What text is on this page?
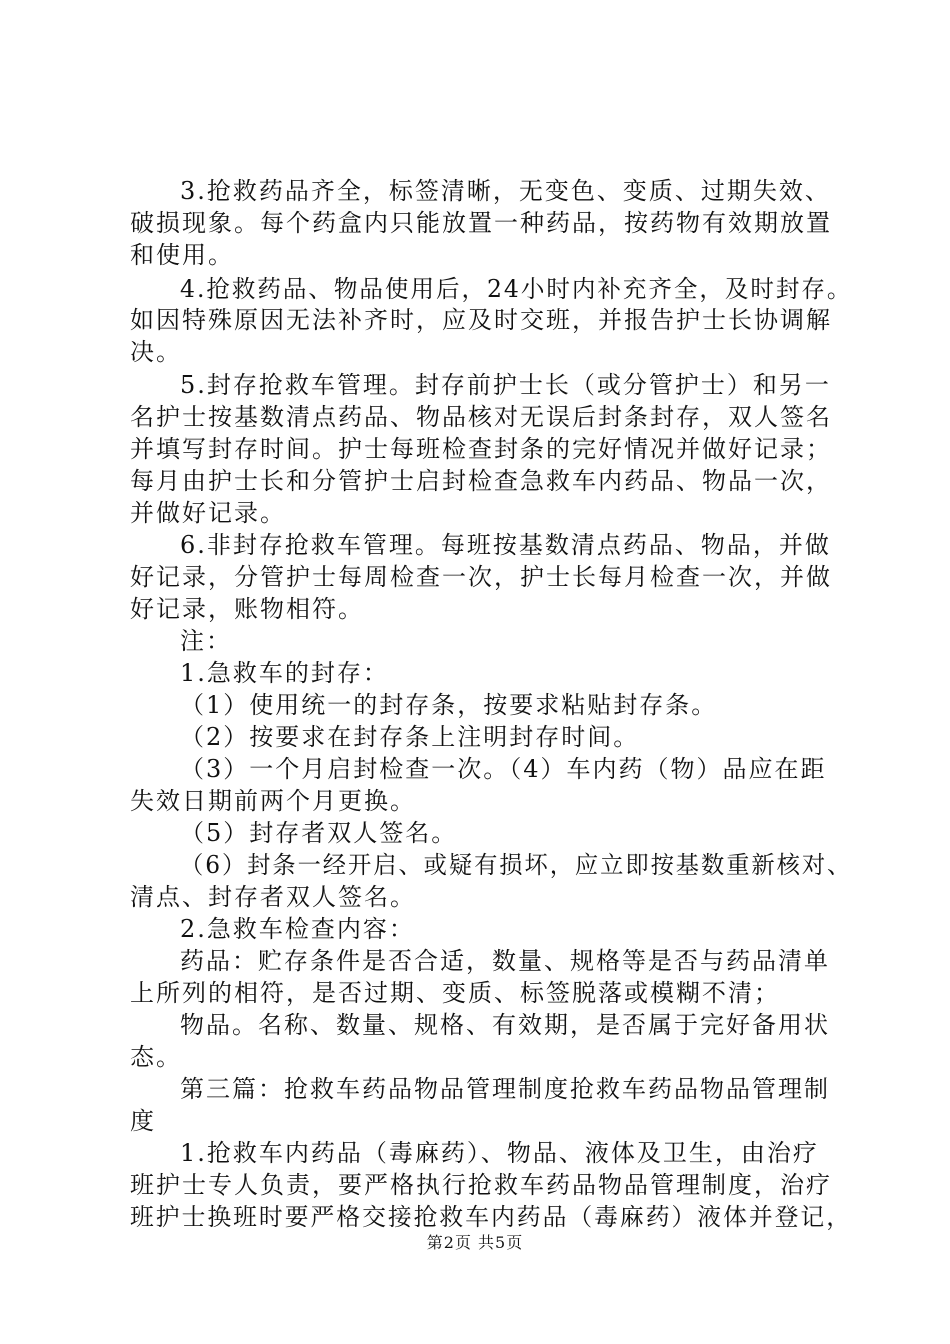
3.抢救药品齐全，标签清晰，无变色、变质、过期失效、
破损现象。每个药盒内只能放置一种药品，按药物有效期放置
和使用。
4.抢救药品、物品使用后，24小时内补充齐全，及时封存。
如因特殊原因无法补齐时，应及时交班，并报告护士长协调解
决。
5.封存抢救车管理。封存前护士长（或分管护士）和另一
名护士按基数清点药品、物品核对无误后封条封存，双人签名
并填写封存时间。护士每班检查封条的完好情况并做好记录；
每月由护士长和分管护士启封检查急救车内药品、物品一次，
并做好记录。
6.非封存抢救车管理。每班按基数清点药品、物品，并做
好记录，分管护士每周检查一次，护士长每月检查一次，并做
好记录，账物相符。
注：
1.急救车的封存：
（1）使用统一的封存条，按要求粘贴封存条。
（2）按要求在封存条上注明封存时间。
（3）一个月启封检查一次。（4）车内药（物）品应在距
失效日期前两个月更换。
（5）封存者双人签名。
（6）封条一经开启、或疑有损坏，应立即按基数重新核对、
清点、封存者双人签名。
2.急救车检查内容：
药品：贮存条件是否合适，数量、规格等是否与药品清单
上所列的相符，是否过期、变质、标签脱落或模糊不清；
物品。名称、数量、规格、有效期，是否属于完好备用状
态。
第三篇：抢救车药品物品管理制度抢救车药品物品管理制
度
1.抢救车内药品（毒麻药）、物品、液体及卫生，由治疗
班护士专人负责，要严格执行抢救车药品物品管理制度，治疗
班护士换班时要严格交接抢救车内药品（毒麻药）液体并登记，
第2页 共5页
